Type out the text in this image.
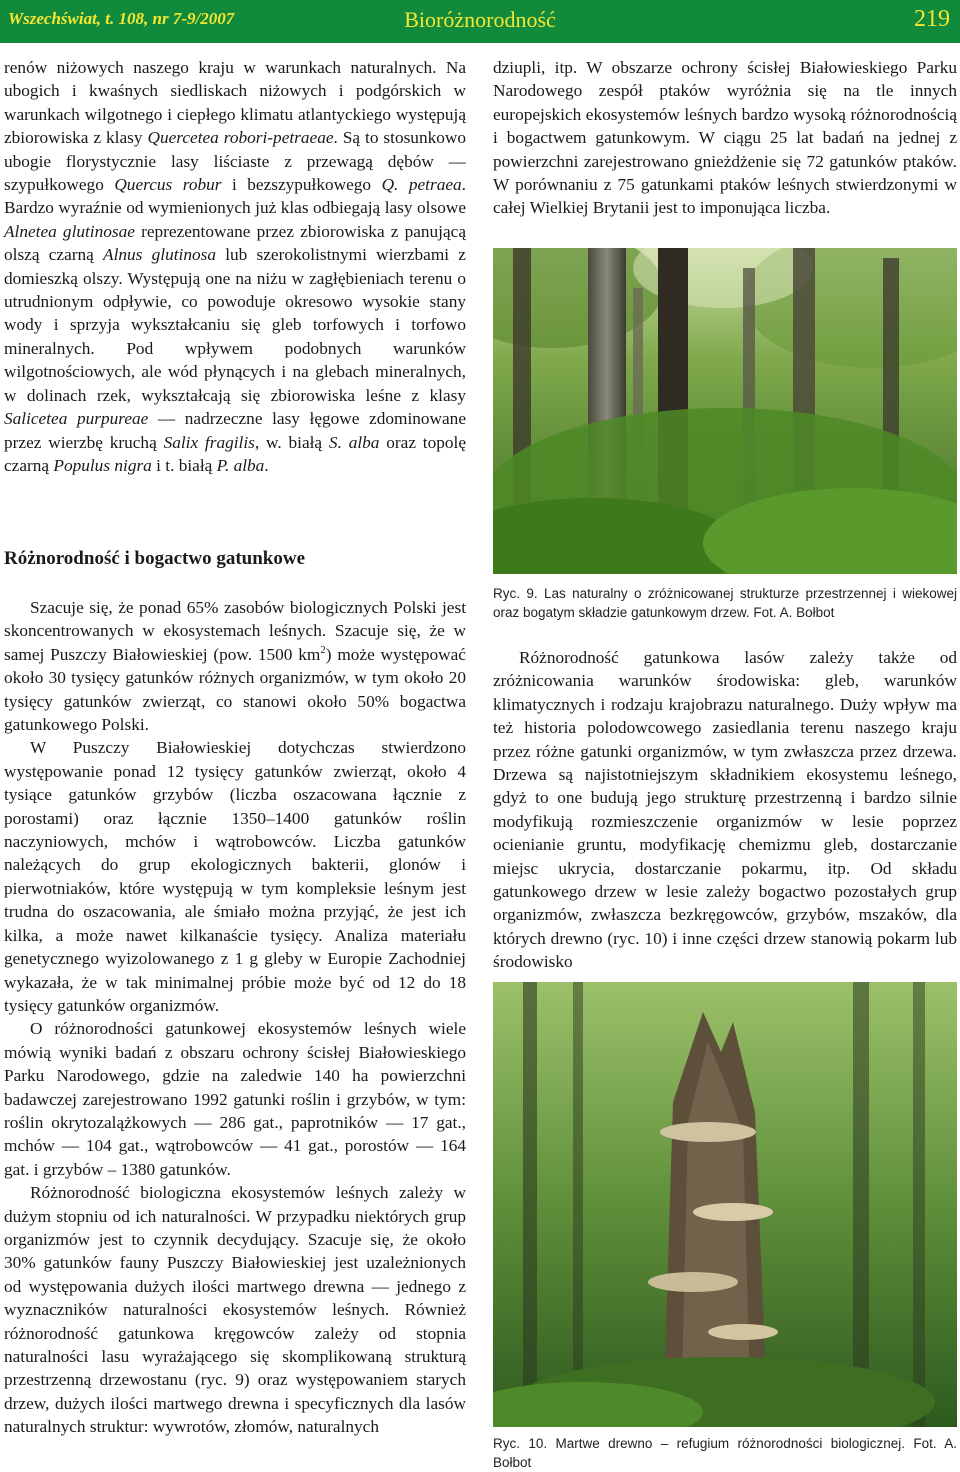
Wszechświat, t. 108, nr 7-9/2007	Bioróżnorodność	219

renów niżowych naszego kraju w warunkach naturalnych. Na ubogich i kwaśnych siedliskach niżowych i podgórskich w warunkach wilgotnego i ciepłego klimatu atlantyckiego występują zbiorowiska z klasy Quercetea robori-petraeae. Są to stosunkowo ubogie florystycznie lasy liściaste z przewagą dębów — szypułkowego Quercus robur i bezszypułkowego Q. petraea. Bardzo wyraźnie od wymienionych już klas odbiegają lasy olsowe Alnetea glutinosae reprezentowane przez zbiorowiska z panującą olszą czarną Alnus glutinosa lub szerokolistnymi wierzbami z domieszką olszy. Występują one na niżu w zagłębieniach terenu o utrudnionym odpływie, co powoduje okresowo wysokie stany wody i sprzyja wykształcaniu się gleb torfowych i torfowo mineralnych. Pod wpływem podobnych warunków wilgotnościowych, ale wód płynących i na glebach mineralnych, w dolinach rzek, wykształcają się zbiorowiska leśne z klasy Salicetea purpureae — nadrzeczne lasy łęgowe zdominowane przez wierzbę kruchą Salix fragilis, w. białą S. alba oraz topolę czarną Populus nigra i t. białą P. alba.

Różnorodność i bogactwo gatunkowe

Szacuje się, że ponad 65% zasobów biologicznych Polski jest skoncentrowanych w ekosystemach leśnych. Szacuje się, że w samej Puszczy Białowieskiej (pow. 1500 $km^2$) może występować około 30 tysięcy gatunków różnych organizmów, w tym około 20 tysięcy gatunków zwierząt, co stanowi około 50% bogactwa gatunkowego Polski.

W Puszczy Białowieskiej dotychczas stwierdzono występowanie ponad 12 tysięcy gatunków zwierząt, około 4 tysiące gatunków grzybów (liczba oszacowana łącznie z porostami) oraz łącznie 1350–1400 gatunków roślin naczyniowych, mchów i wątrobowców. Liczba gatunków należących do grup ekologicznych bakterii, glonów i pierwotniaków, które występują w tym kompleksie leśnym jest trudna do oszacowania, ale śmiało można przyjąć, że jest ich kilka, a może nawet kilkanaście tysięcy. Analiza materiału genetycznego wyizolowanego z 1 g gleby w Europie Zachodniej wykazała, że w tak minimalnej próbie może być od 12 do 18 tysięcy gatunków organizmów.

O różnorodności gatunkowej ekosystemów leśnych wiele mówią wyniki badań z obszaru ochrony ścisłej Białowieskiego Parku Narodowego, gdzie na zaledwie 140 ha powierzchni badawczej zarejestrowano 1992 gatunki roślin i grzybów, w tym: roślin okrytozalążkowych — 286 gat., paprotników — 17 gat., mchów — 104 gat., wątrobowców — 41 gat., porostów — 164 gat. i grzybów – 1380 gatunków.

Różnorodność biologiczna ekosystemów leśnych zależy w dużym stopniu od ich naturalności. W przypadku niektórych grup organizmów jest to czynnik decydujący. Szacuje się, że około 30% gatunków fauny Puszczy Białowieskiej jest uzależnionych od występowania dużych ilości martwego drewna — jednego z wyznaczników naturalności ekosystemów leśnych. Również różnorodność gatunkowa kręgowców zależy od stopnia naturalności lasu wyrażającego się skomplikowaną strukturą przestrzenną drzewostanu (ryc. 9) oraz występowaniem starych drzew, dużych ilości martwego drewna i specyficznych dla lasów naturalnych struktur: wywrotów, złomów, naturalnych

dziupli, itp. W obszarze ochrony ścisłej Białowieskiego Parku Narodowego zespół ptaków wyróżnia się na tle innych europejskich ekosystemów leśnych bardzo wysoką różnorodnością i bogactwem gatunkowym. W ciągu 25 lat badań na jednej z powierzchni zarejestrowano gnieżdżenie się 72 gatunków ptaków. W porównaniu z 75 gatunkami ptaków leśnych stwierdzonymi w całej Wielkiej Brytanii jest to imponująca liczba.

Ryc. 9. Las naturalny o zróżnicowanej strukturze przestrzennej i wiekowej oraz bogatym składzie gatunkowym drzew. Fot. A. Bołbot

Różnorodność gatunkowa lasów zależy także od zróżnicowania warunków środowiska: gleb, warunków klimatycznych i rodzaju krajobrazu naturalnego. Duży wpływ ma też historia polodowcowego zasiedlania terenu naszego kraju przez różne gatunki organizmów, w tym zwłaszcza przez drzewa. Drzewa są najistotniejszym składnikiem ekosystemu leśnego, gdyż to one budują jego strukturę przestrzenną i bardzo silnie modyfikują rozmieszczenie organizmów w lesie poprzez ocienianie gruntu, modyfikację chemizmu gleb, dostarczanie miejsc ukrycia, dostarczanie pokarmu, itp. Od składu gatunkowego drzew w lesie zależy bogactwo pozostałych grup organizmów, zwłaszcza bezkręgowców, grzybów, mszaków, dla których drewno (ryc. 10) i inne części drzew stanowią pokarm lub środowisko

Ryc. 10. Martwe drewno – refugium różnorodności biologicznej. Fot. A. Bołbot
